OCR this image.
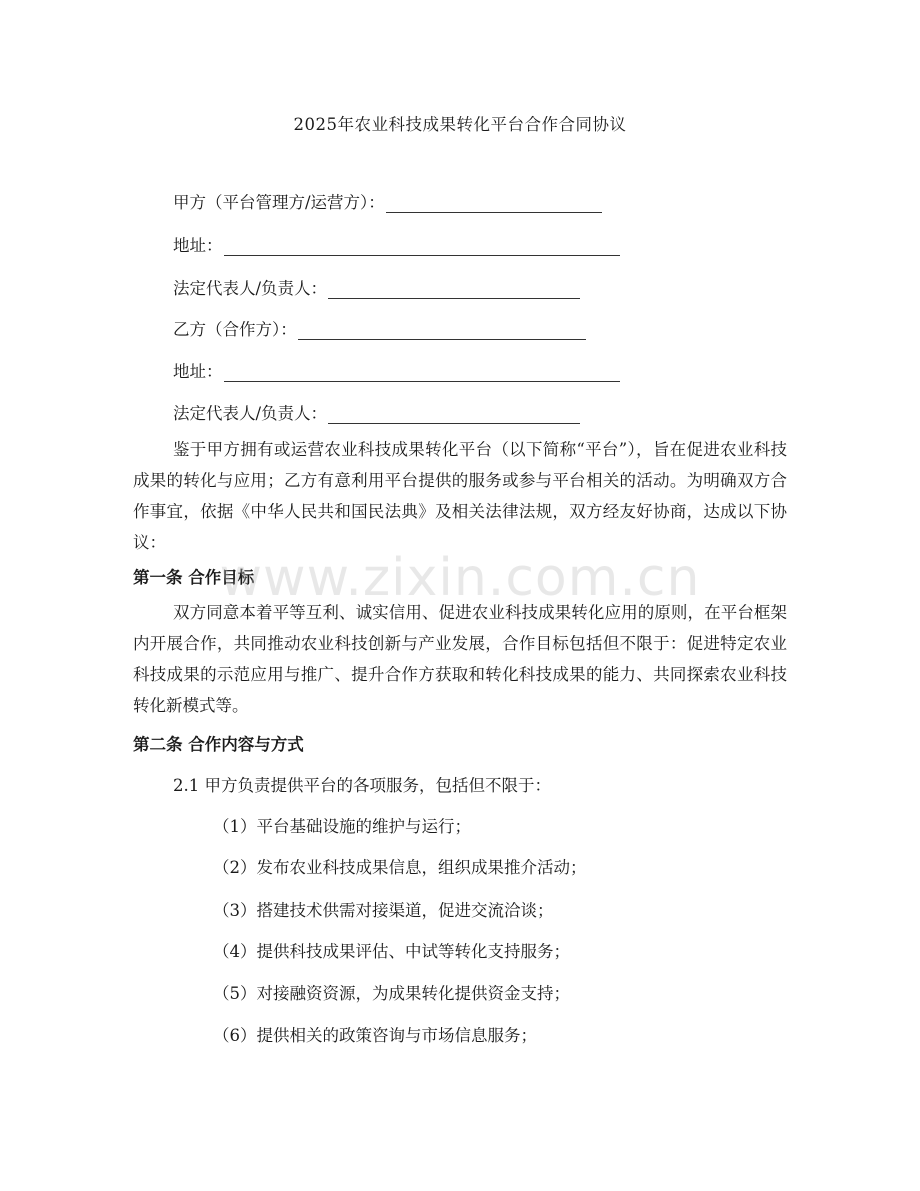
2025年农业科技成果转化平台合作合同协议
甲方（平台管理方/运营方）：
地址：
法定代表人/负责人：
乙方（合作方）：
地址：
法定代表人/负责人：

鉴于甲方拥有或运营农业科技成果转化平台（以下简称“平台”），旨在促进农业科技成果的转化与应用；乙方有意利用平台提供的服务或参与平台相关的活动。为明确双方合作事宜，依据《中华人民共和国民法典》及相关法律法规，双方经友好协商，达成以下协议：

第一条 合作目标

双方同意本着平等互利、诚实信用、促进农业科技成果转化应用的原则，在平台框架内开展合作，共同推动农业科技创新与产业发展，合作目标包括但不限于：促进特定农业科技成果的示范应用与推广、提升合作方获取和转化科技成果的能力、共同探索农业科技转化新模式等。

第二条 合作内容与方式
2.1 甲方负责提供平台的各项服务，包括但不限于：
（1）平台基础设施的维护与运行；
（2）发布农业科技成果信息，组织成果推介活动；
（3）搭建技术供需对接渠道，促进交流洽谈；
（4）提供科技成果评估、中试等转化支持服务；
（5）对接融资资源，为成果转化提供资金支持；
（6）提供相关的政策咨询与市场信息服务；
www.zixin.com.cn
